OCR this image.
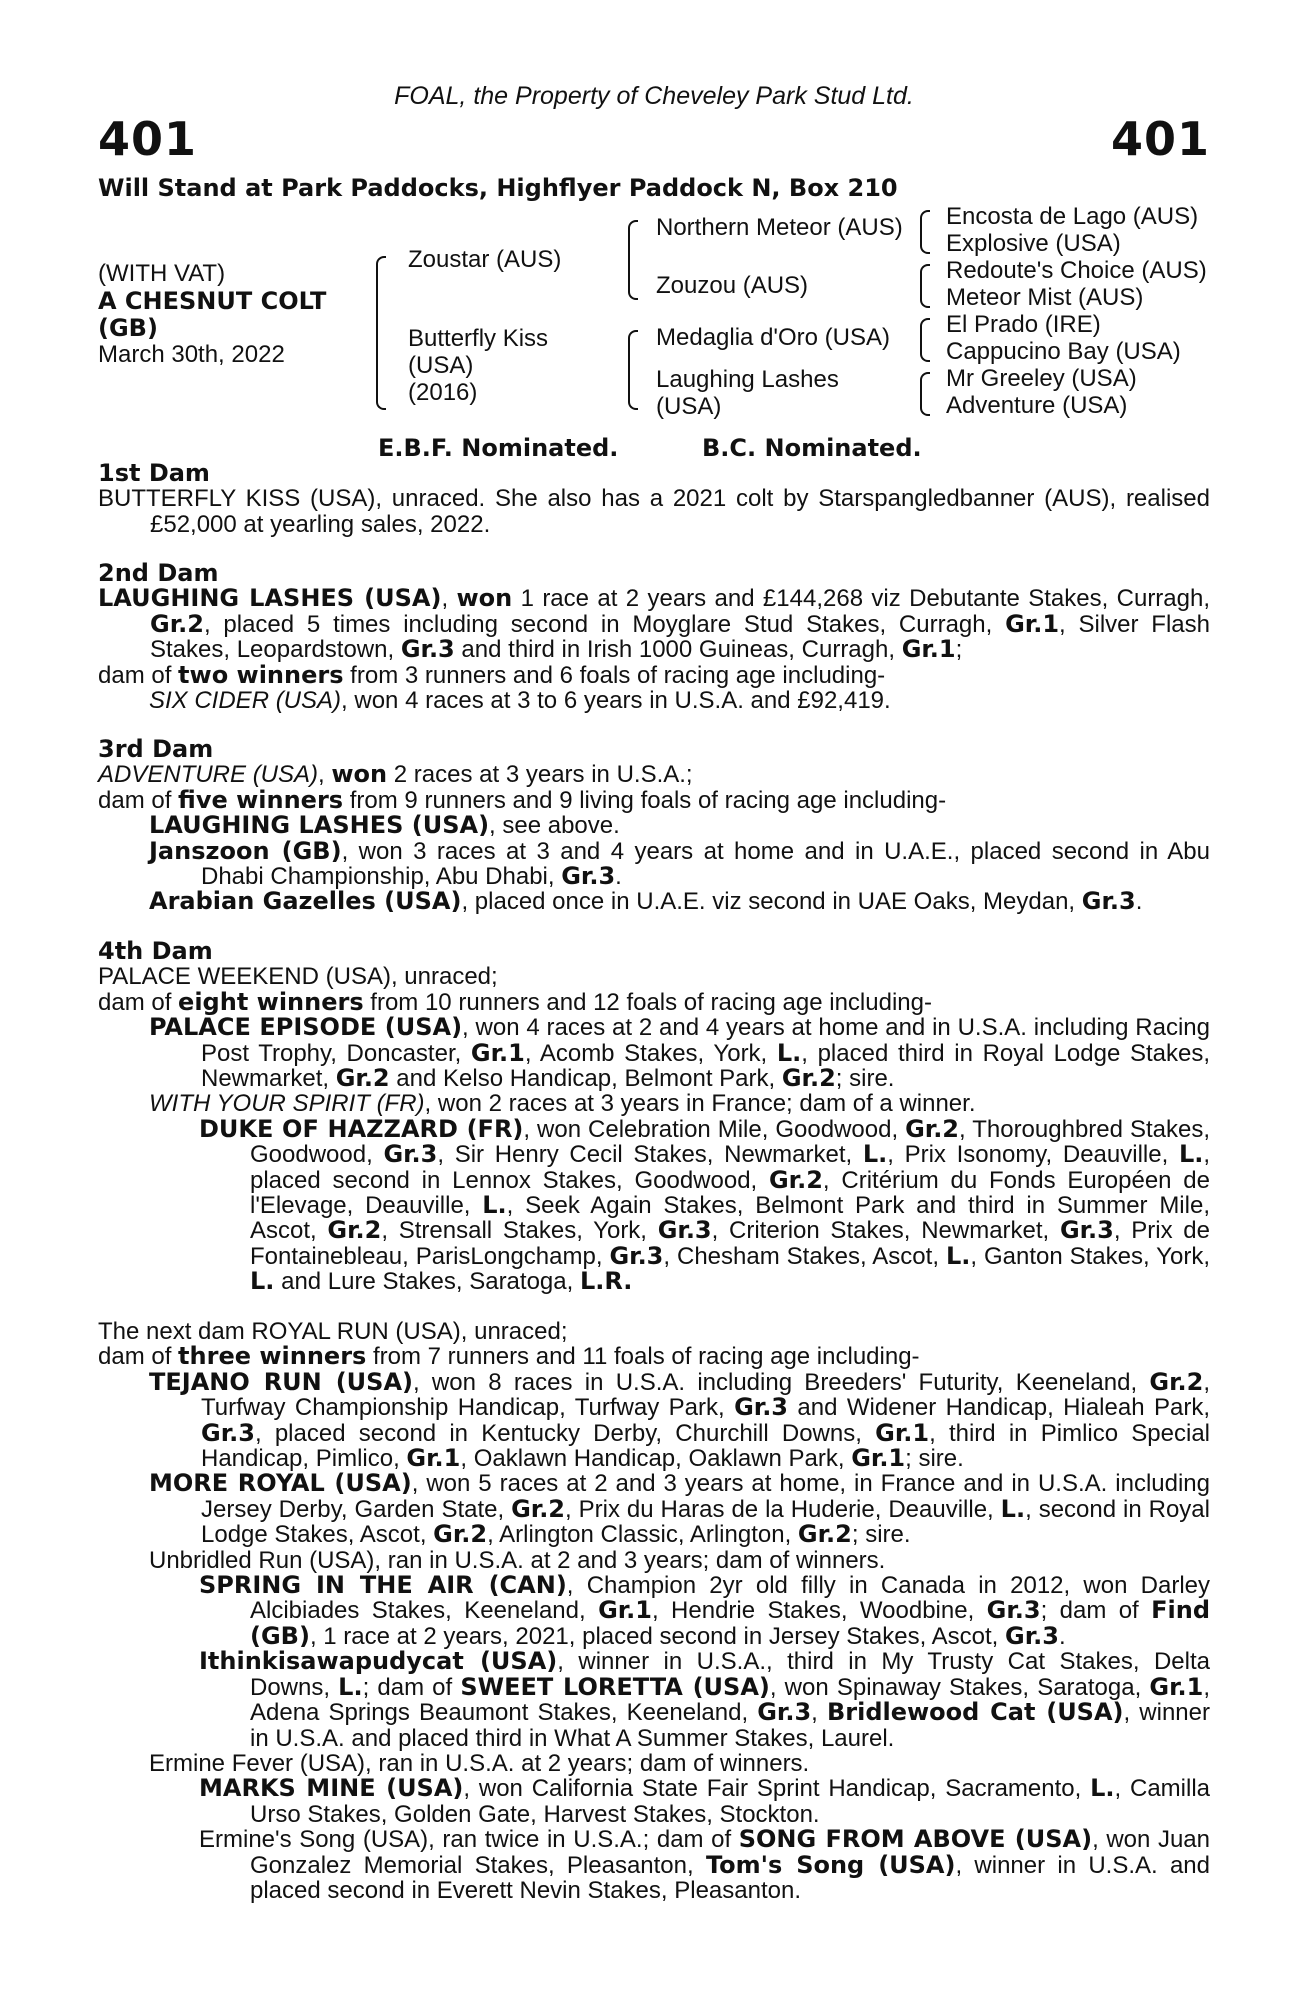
FOAL, the Property of Cheveley Park Stud Ltd.
401	401
Will Stand at Park Paddocks, Highflyer Paddock N, Box 210
(WITH VAT)
A CHESNUT COLT
(GB)
March 30th, 2022
Zoustar (AUS)
Butterfly Kiss
(USA)
(2016)
Northern Meteor (AUS)
Zouzou (AUS)
Medaglia d'Oro (USA)
Laughing Lashes
(USA)
Encosta de Lago (AUS)
Explosive (USA)
Redoute's Choice (AUS)
Meteor Mist (AUS)
El Prado (IRE)
Cappucino Bay (USA)
Mr Greeley (USA)
Adventure (USA)
E.B.F. Nominated.	B.C. Nominated.
1st Dam

BUTTERFLY KISS (USA), unraced. She also has a 2021 colt by Starspangledbanner (AUS), realised £52,000 at yearling sales, 2022.

2nd Dam

LAUGHING LASHES (USA), won 1 race at 2 years and £144,268 viz Debutante Stakes, Curragh, Gr.2, placed 5 times including second in Moyglare Stud Stakes, Curragh, Gr.1, Silver Flash Stakes, Leopardstown, Gr.3 and third in Irish 1000 Guineas, Curragh, Gr.1;

dam of two winners from 3 runners and 6 foals of racing age including-

SIX CIDER (USA), won 4 races at 3 to 6 years in U.S.A. and £92,419.

3rd Dam

ADVENTURE (USA), won 2 races at 3 years in U.S.A.;

dam of five winners from 9 runners and 9 living foals of racing age including-

LAUGHING LASHES (USA), see above.

Janszoon (GB), won 3 races at 3 and 4 years at home and in U.A.E., placed second in Abu Dhabi Championship, Abu Dhabi, Gr.3.

Arabian Gazelles (USA), placed once in U.A.E. viz second in UAE Oaks, Meydan, Gr.3.

4th Dam

PALACE WEEKEND (USA), unraced;

dam of eight winners from 10 runners and 12 foals of racing age including-

PALACE EPISODE (USA), won 4 races at 2 and 4 years at home and in U.S.A. including Racing Post Trophy, Doncaster, Gr.1, Acomb Stakes, York, L., placed third in Royal Lodge Stakes, Newmarket, Gr.2 and Kelso Handicap, Belmont Park, Gr.2; sire.

WITH YOUR SPIRIT (FR), won 2 races at 3 years in France; dam of a winner.

DUKE OF HAZZARD (FR), won Celebration Mile, Goodwood, Gr.2, Thoroughbred Stakes, Goodwood, Gr.3, Sir Henry Cecil Stakes, Newmarket, L., Prix Isonomy, Deauville, L., placed second in Lennox Stakes, Goodwood, Gr.2, Critérium du Fonds Européen de l'Elevage, Deauville, L., Seek Again Stakes, Belmont Park and third in Summer Mile, Ascot, Gr.2, Strensall Stakes, York, Gr.3, Criterion Stakes, Newmarket, Gr.3, Prix de Fontainebleau, ParisLongchamp, Gr.3, Chesham Stakes, Ascot, L., Ganton Stakes, York, L. and Lure Stakes, Saratoga, L.R.

The next dam ROYAL RUN (USA), unraced;

dam of three winners from 7 runners and 11 foals of racing age including-

TEJANO RUN (USA), won 8 races in U.S.A. including Breeders' Futurity, Keeneland, Gr.2, Turfway Championship Handicap, Turfway Park, Gr.3 and Widener Handicap, Hialeah Park, Gr.3, placed second in Kentucky Derby, Churchill Downs, Gr.1, third in Pimlico Special Handicap, Pimlico, Gr.1, Oaklawn Handicap, Oaklawn Park, Gr.1; sire.

MORE ROYAL (USA), won 5 races at 2 and 3 years at home, in France and in U.S.A. including Jersey Derby, Garden State, Gr.2, Prix du Haras de la Huderie, Deauville, L., second in Royal Lodge Stakes, Ascot, Gr.2, Arlington Classic, Arlington, Gr.2; sire.

Unbridled Run (USA), ran in U.S.A. at 2 and 3 years; dam of winners.

SPRING IN THE AIR (CAN), Champion 2yr old filly in Canada in 2012, won Darley Alcibiades Stakes, Keeneland, Gr.1, Hendrie Stakes, Woodbine, Gr.3; dam of Find (GB), 1 race at 2 years, 2021, placed second in Jersey Stakes, Ascot, Gr.3.

Ithinkisawapudycat (USA), winner in U.S.A., third in My Trusty Cat Stakes, Delta Downs, L.; dam of SWEET LORETTA (USA), won Spinaway Stakes, Saratoga, Gr.1, Adena Springs Beaumont Stakes, Keeneland, Gr.3, Bridlewood Cat (USA), winner in U.S.A. and placed third in What A Summer Stakes, Laurel.

Ermine Fever (USA), ran in U.S.A. at 2 years; dam of winners.

MARKS MINE (USA), won California State Fair Sprint Handicap, Sacramento, L., Camilla Urso Stakes, Golden Gate, Harvest Stakes, Stockton.

Ermine's Song (USA), ran twice in U.S.A.; dam of SONG FROM ABOVE (USA), won Juan Gonzalez Memorial Stakes, Pleasanton, Tom's Song (USA), winner in U.S.A. and placed second in Everett Nevin Stakes, Pleasanton.
